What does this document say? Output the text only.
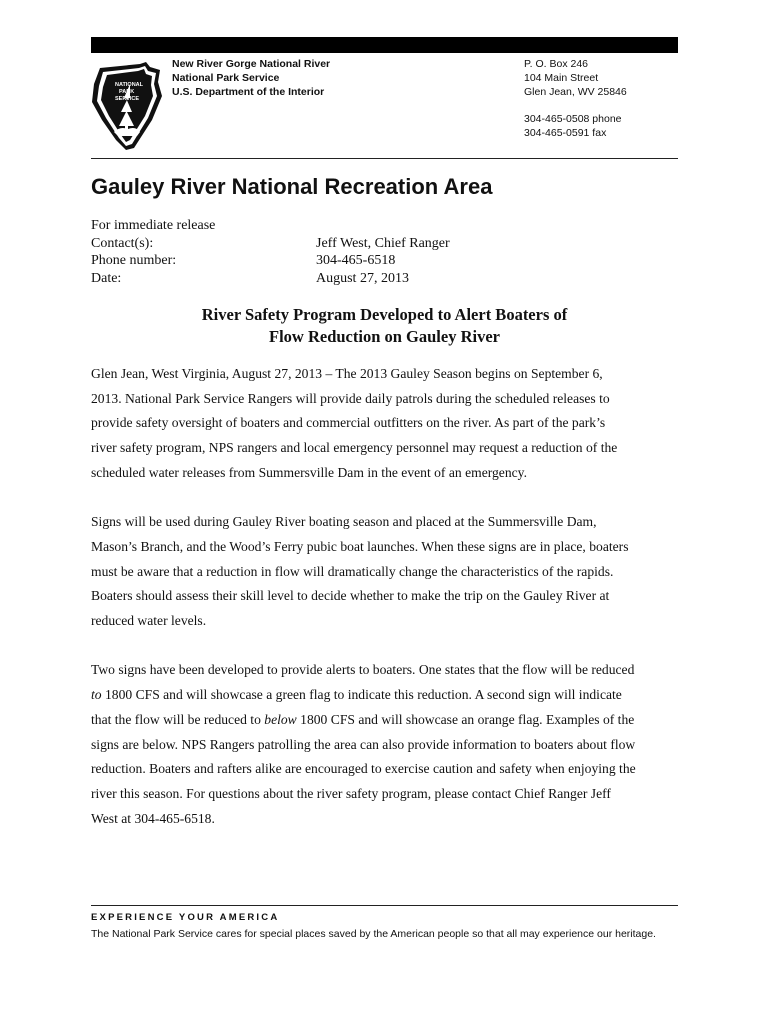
NATIONAL
PARK
SERVICE
New River Gorge National River
National Park Service
U.S. Department of the Interior
P. O. Box 246
104 Main Street
Glen Jean, WV 25846
304-465-0508 phone
304-465-0591 fax
Gauley River National Recreation Area
For immediate release
Contact(s):	Jeff West, Chief Ranger
Phone number:	304-465-6518
Date:	August 27, 2013
River Safety Program Developed to Alert Boaters of
Flow Reduction on Gauley River

Glen Jean, West Virginia, August 27, 2013 – The 2013 Gauley Season begins on September 6,
2013. National Park Service Rangers will provide daily patrols during the scheduled releases to
provide safety oversight of boaters and commercial outfitters on the river. As part of the park’s
river safety program, NPS rangers and local emergency personnel may request a reduction of the
scheduled water releases from Summersville Dam in the event of an emergency.

Signs will be used during Gauley River boating season and placed at the Summersville Dam,
Mason’s Branch, and the Wood’s Ferry pubic boat launches. When these signs are in place, boaters
must be aware that a reduction in flow will dramatically change the characteristics of the rapids.
Boaters should assess their skill level to decide whether to make the trip on the Gauley River at
reduced water levels.

Two signs have been developed to provide alerts to boaters. One states that the flow will be reduced
to 1800 CFS and will showcase a green flag to indicate this reduction. A second sign will indicate
that the flow will be reduced to below 1800 CFS and will showcase an orange flag. Examples of the
signs are below. NPS Rangers patrolling the area can also provide information to boaters about flow
reduction. Boaters and rafters alike are encouraged to exercise caution and safety when enjoying the
river this season. For questions about the river safety program, please contact Chief Ranger Jeff
West at 304-465-6518.

EXPERIENCE YOUR AMERICA
The National Park Service cares for special places saved by the American people so that all may experience our heritage.
